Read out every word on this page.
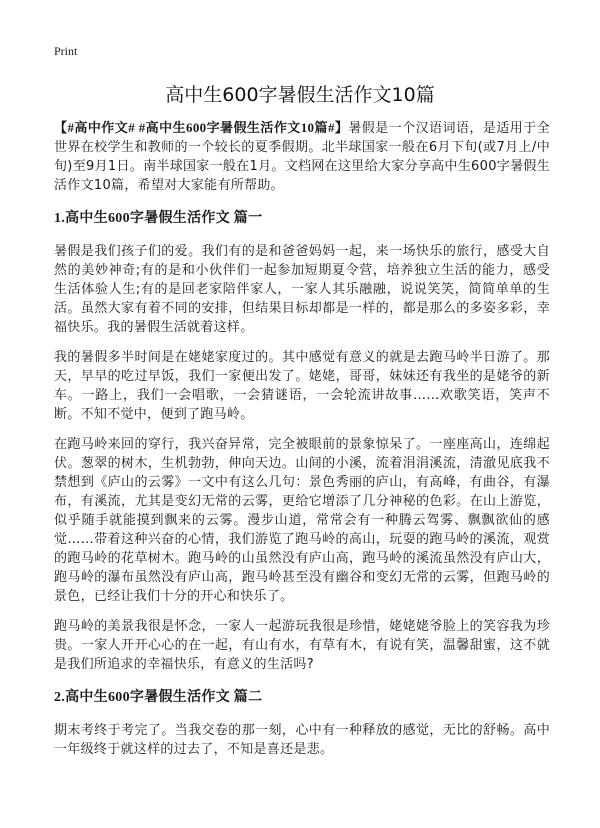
Print
高中生600字暑假生活作文10篇

【#高中作文# #高中生600字暑假生活作文10篇#】暑假是一个汉语词语，是适用于全世界在校学生和教师的一个较长的夏季假期。北半球国家一般在6月下旬(或7月上/中旬)至9月1日。南半球国家一般在1月。文档网在这里给大家分享高中生600字暑假生活作文10篇，希望对大家能有所帮助。

1.高中生600字暑假生活作文 篇一

暑假是我们孩子们的爱。我们有的是和爸爸妈妈一起，来一场快乐的旅行，感受大自然的美妙神奇;有的是和小伙伴们一起参加短期夏令营，培养独立生活的能力，感受生活体验人生;有的是回老家陪伴家人，一家人其乐融融，说说笑笑，简简单单的生活。虽然大家有着不同的安排，但结果目标却都是一样的，都是那么的多姿多彩，幸福快乐。我的暑假生活就着这样。

我的暑假多半时间是在姥姥家度过的。其中感觉有意义的就是去跑马岭半日游了。那天，早早的吃过早饭，我们一家便出发了。姥姥，哥哥，妹妹还有我坐的是姥爷的新车。一路上，我们一会唱歌，一会猜谜语，一会轮流讲故事……欢歌笑语，笑声不断。不知不觉中，便到了跑马岭。

在跑马岭来回的穿行，我兴奋异常，完全被眼前的景象惊呆了。一座座高山，连绵起伏。葱翠的树木，生机勃勃，伸向天边。山间的小溪，流着涓涓溪流，清澈见底我不禁想到《庐山的云雾》一文中有这么几句：景色秀丽的庐山，有高峰，有曲谷，有瀑布，有溪流，尤其是变幻无常的云雾，更给它增添了几分神秘的色彩。在山上游览，似乎随手就能摸到飘来的云雾。漫步山道，常常会有一种腾云驾雾、飘飘欲仙的感觉……带着这种兴奋的心情，我们游览了跑马岭的高山，玩耍的跑马岭的溪流，观赏的跑马岭的花草树木。跑马岭的山虽然没有庐山高，跑马岭的溪流虽然没有庐山大，跑马岭的瀑布虽然没有庐山高，跑马岭甚至没有幽谷和变幻无常的云雾，但跑马岭的景色，已经让我们十分的开心和快乐了。

跑马岭的美景我很是怀念，一家人一起游玩我很是珍惜，姥姥姥爷脸上的笑容我为珍贵。一家人开开心心的在一起，有山有水，有草有木，有说有笑，温馨甜蜜，这不就是我们所追求的幸福快乐，有意义的生活吗?

2.高中生600字暑假生活作文 篇二

期末考终于考完了。当我交卷的那一刻，心中有一种释放的感觉，无比的舒畅。高中一年级终于就这样的过去了，不知是喜还是悲。
